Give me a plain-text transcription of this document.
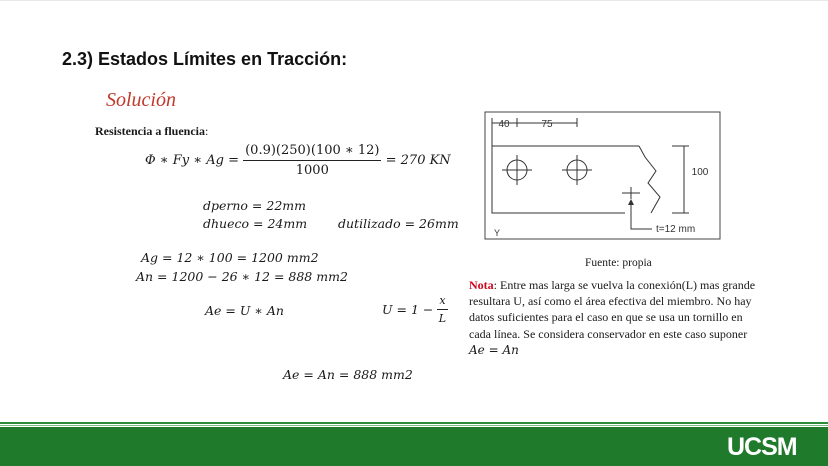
2.3) Estados Límites en Tracción:
Solución
Resistencia a fluencia:
Φ ∗ Fy ∗ $Ag = \frac{(0.9)(250)(100 ∗ 12)}{1000} = 270$ KN
dperno = 22mm
dhueco = 24mm dutilizado = 26mm
Ag = 12 ∗ 100 = 1200 mm2
An = 1200 − 26 ∗ 12 = 888 mm2
Ae = U ∗ An	$U = 1 - \frac{x}{L}$
Ae = An = 888 mm2
40	75
100
t=12 mm
Y
Fuente: propia
Nota: Entre mas larga se vuelva la conexión(L) mas grande resultara U, así como el área efectiva del miembro. No hay datos suficientes para el caso en que se usa un tornillo en cada línea. Se considera conservador en este caso suponer Ae = An
UCSM
